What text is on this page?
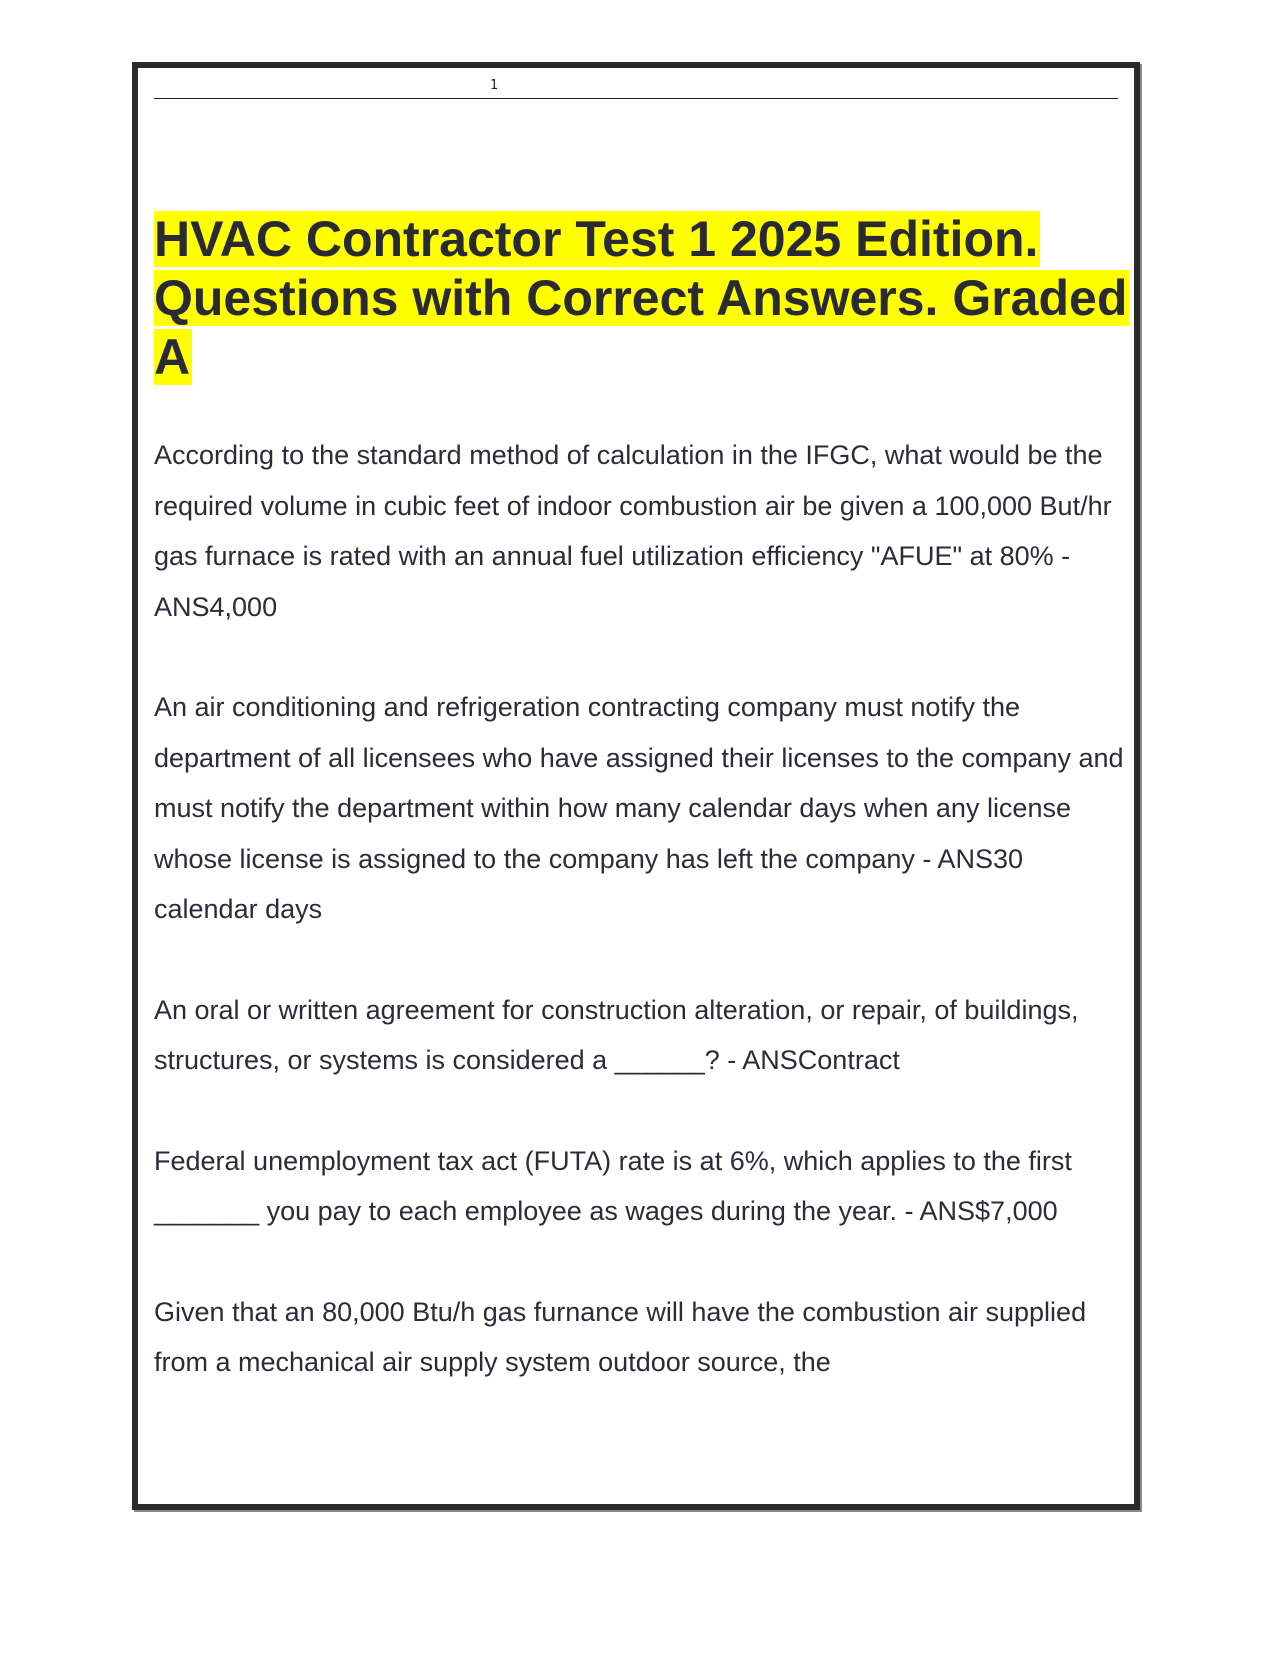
1
HVAC Contractor Test 1 2025 Edition.
Questions with Correct Answers. Graded
A

According to the standard method of calculation in the IFGC, what would be the required volume in cubic feet of indoor combustion air be given a 100,000 But/hr gas furnace is rated with an annual fuel utilization efficiency "AFUE" at 80% - ANS4,000

An air conditioning and refrigeration contracting company must notify the department of all licensees who have assigned their licenses to the company and must notify the department within how many calendar days when any license whose license is assigned to the company has left the company - ANS30 calendar days

An oral or written agreement for construction alteration, or repair, of buildings, structures, or systems is considered a ______? - ANSContract

Federal unemployment tax act (FUTA) rate is at 6%, which applies to the first _______ you pay to each employee as wages during the year. - ANS$7,000

Given that an 80,000 Btu/h gas furnance will have the combustion air supplied from a mechanical air supply system outdoor source, the
